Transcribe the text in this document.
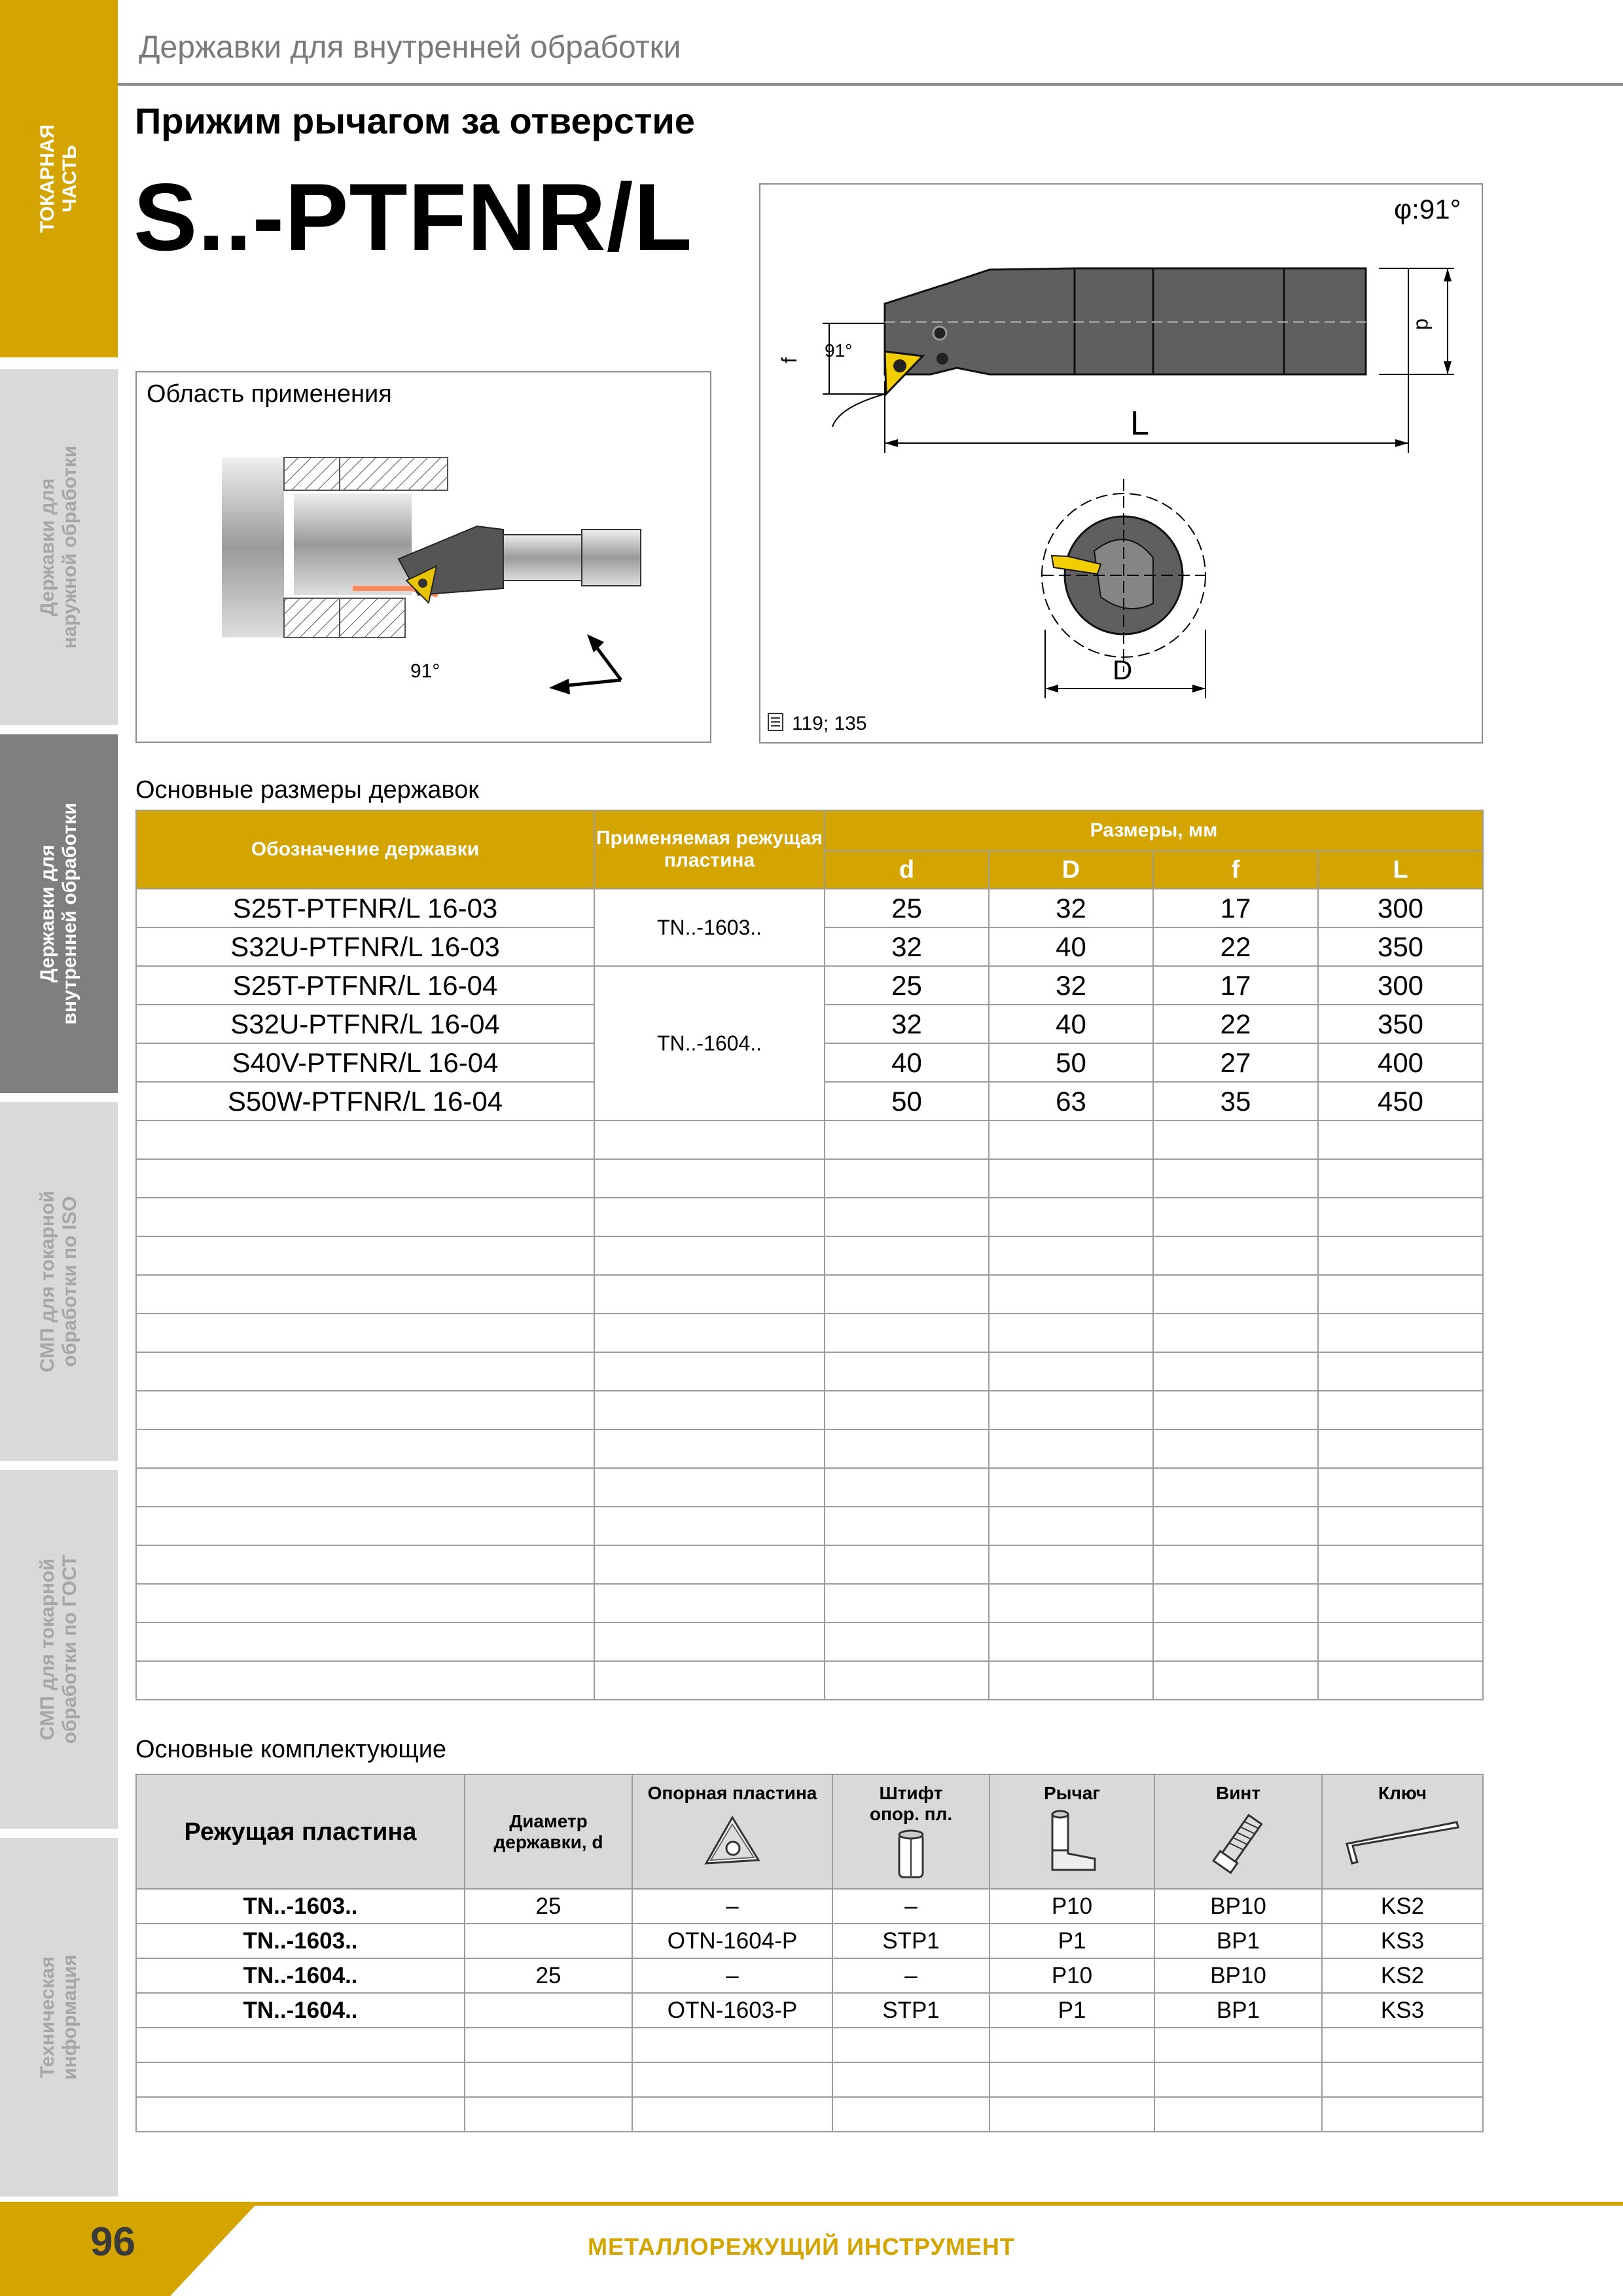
ТОКАРНАЯ
ЧАСТЬ
Державки для
наружной обработки
Державки для
внутренней обработки
СМП для токарной
обработки по ISO
СМП для токарной
обработки по ГОСТ
Техническая
информация
Державки для внутренней обработки
Прижим рычагом за отверстие
S..-PTFNR/L
Область применения
91°
φ:91°
91°
f
d
L
D
119; 135
Основные размеры державок
Обозначение державки	Применяемая режущая пластина	Размеры, мм			
		d	D	f	L
S25T-PTFNR/L 16-03	TN..-1603..	25	32	17	300
S32U-PTFNR/L 16-03		32	40	22	350
S25T-PTFNR/L 16-04	TN..-1604..	25	32	17	300
S32U-PTFNR/L 16-04		32	40	22	350
S40V-PTFNR/L 16-04		40	50	27	400
S50W-PTFNR/L 16-04		50	63	35	450

Основные комплектующие
Режущая пластина	Диаметр державки, d	Опорная пластина	Штифт опор. пл.	Рычаг	Винт	Ключ

TN..-1603..	25	–	–	P10	BP10	KS2
TN..-1603..		OTN-1604-P	STP1	P1	BP1	KS3
TN..-1604..	25	–	–	P10	BP10	KS2
TN..-1604..		OTN-1603-P	STP1	P1	BP1	KS3

96	МЕТАЛЛОРЕЖУЩИЙ ИНСТРУМЕНТ
